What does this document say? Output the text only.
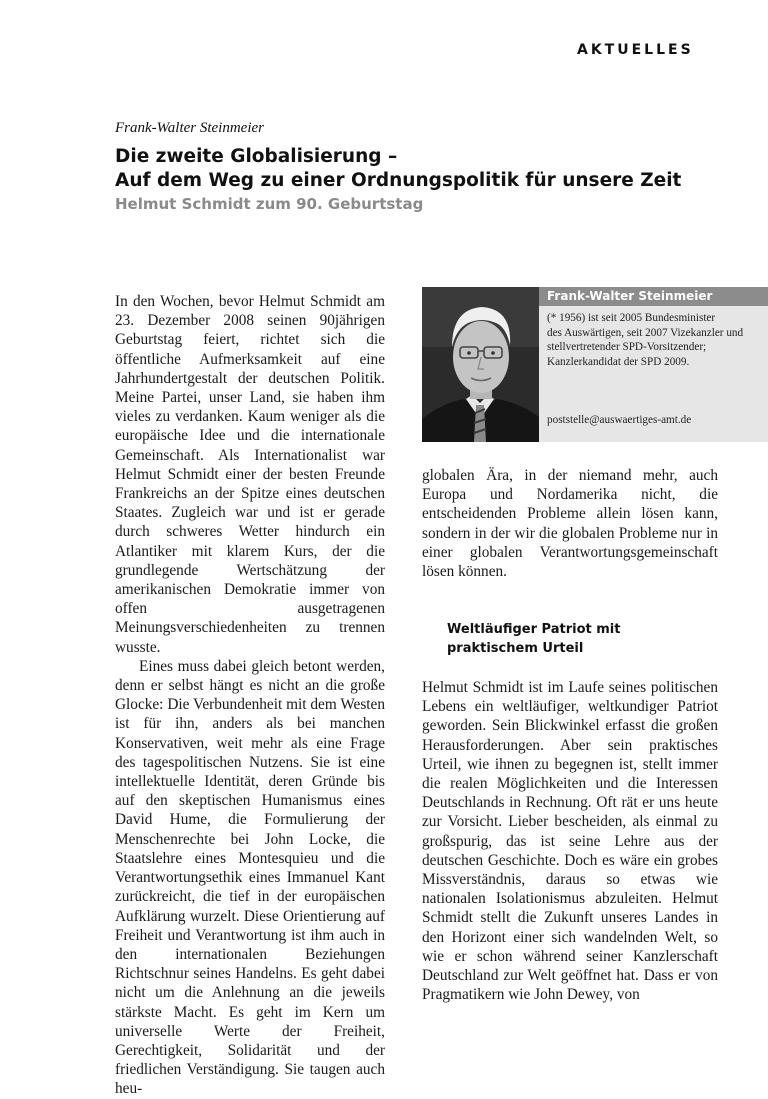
AKTUELLES
Frank-Walter Steinmeier
Die zweite Globalisierung –
Auf dem Weg zu einer Ordnungspolitik für unsere Zeit
Helmut Schmidt zum 90. Geburtstag

In den Wochen, bevor Helmut Schmidt am 23. Dezember 2008 seinen 90jährigen Geburtstag feiert, richtet sich die öffentliche Aufmerksamkeit auf eine Jahrhundertgestalt der deutschen Politik. Meine Partei, unser Land, sie haben ihm vieles zu verdanken. Kaum weniger als die europäische Idee und die internationale Gemeinschaft. Als Internationalist war Helmut Schmidt einer der besten Freunde Frankreichs an der Spitze eines deutschen Staates. Zugleich war und ist er gerade durch schweres Wetter hindurch ein Atlantiker mit klarem Kurs, der die grundlegende Wertschätzung der amerikanischen Demokratie immer von offen ausgetragenen Meinungsverschiedenheiten zu trennen wusste.

Eines muss dabei gleich betont werden, denn er selbst hängt es nicht an die große Glocke: Die Verbundenheit mit dem Westen ist für ihn, anders als bei manchen Konservativen, weit mehr als eine Frage des tagespolitischen Nutzens. Sie ist eine intellektuelle Identität, deren Gründe bis auf den skeptischen Humanismus eines David Hume, die Formulierung der Menschenrechte bei John Locke, die Staatslehre eines Montesquieu und die Verantwortungsethik eines Immanuel Kant zurückreicht, die tief in der europäischen Aufklärung wurzelt. Diese Orientierung auf Freiheit und Verantwortung ist ihm auch in den internationalen Beziehungen Richtschnur seines Handelns. Es geht dabei nicht um die Anlehnung an die jeweils stärkste Macht. Es geht im Kern um universelle Werte der Freiheit, Gerechtigkeit, Solidarität und der friedlichen Verständigung. Sie taugen auch heu-

Frank-Walter Steinmeier
(* 1956) ist seit 2005 Bundesminister
des Auswärtigen, seit 2007 Vizekanzler und
stellvertretender SPD-Vorsitzender;
Kanzlerkandidat der SPD 2009.
poststelle@auswaertiges-amt.de

globalen Ära, in der niemand mehr, auch Europa und Nordamerika nicht, die entscheidenden Probleme allein lösen kann, sondern in der wir die globalen Probleme nur in einer globalen Verantwortungsgemeinschaft lösen können.

Weltläufiger Patriot mit
praktischem Urteil

Helmut Schmidt ist im Laufe seines politischen Lebens ein weltläufiger, weltkundiger Patriot geworden. Sein Blickwinkel erfasst die großen Herausforderungen. Aber sein praktisches Urteil, wie ihnen zu begegnen ist, stellt immer die realen Möglichkeiten und die Interessen Deutschlands in Rechnung. Oft rät er uns heute zur Vorsicht. Lieber bescheiden, als einmal zu großspurig, das ist seine Lehre aus der deutschen Geschichte. Doch es wäre ein grobes Missverständnis, daraus so etwas wie nationalen Isolationismus abzuleiten. Helmut Schmidt stellt die Zukunft unseres Landes in den Horizont einer sich wandelnden Welt, so wie er schon während seiner Kanzlerschaft Deutschland zur Welt geöffnet hat. Dass er von Pragmatikern wie John Dewey, von
